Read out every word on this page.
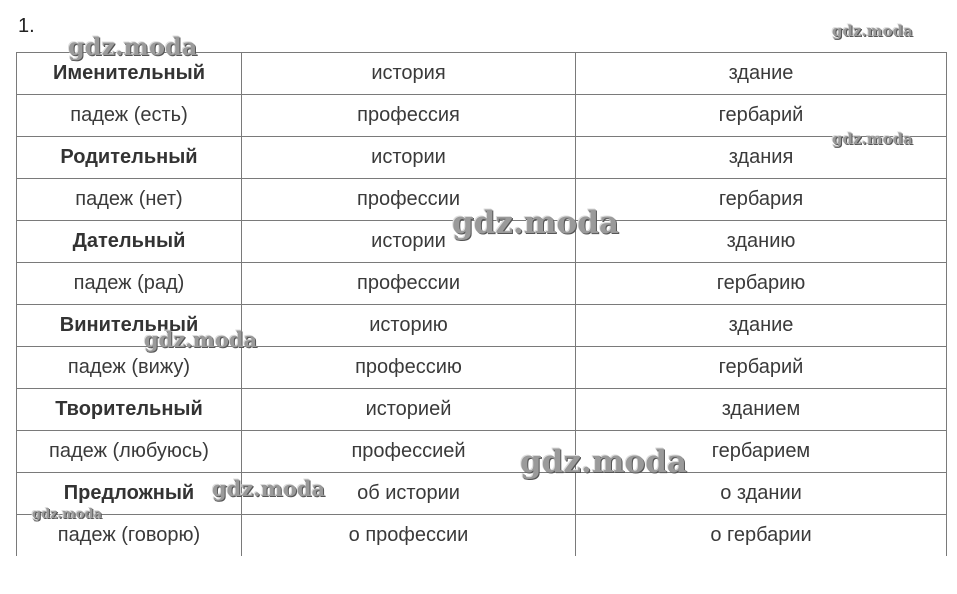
1.
Именительный	история	здание
падеж (есть)	профессия	гербарий
Родительный	истории	здания
падеж (нет)	профессии	гербария
Дательный	истории	зданию
падеж (рад)	профессии	гербарию
Винительный	историю	здание
падеж (вижу)	профессию	гербарий
Творительный	историей	зданием
падеж (любуюсь)	профессией	гербарием
Предложный	об истории	о здании
падеж (говорю)	о профессии	о гербарии
gdz.moda
gdz.moda
gdz.moda
gdz.moda
gdz.moda
gdz.moda
gdz.moda
gdz.moda
